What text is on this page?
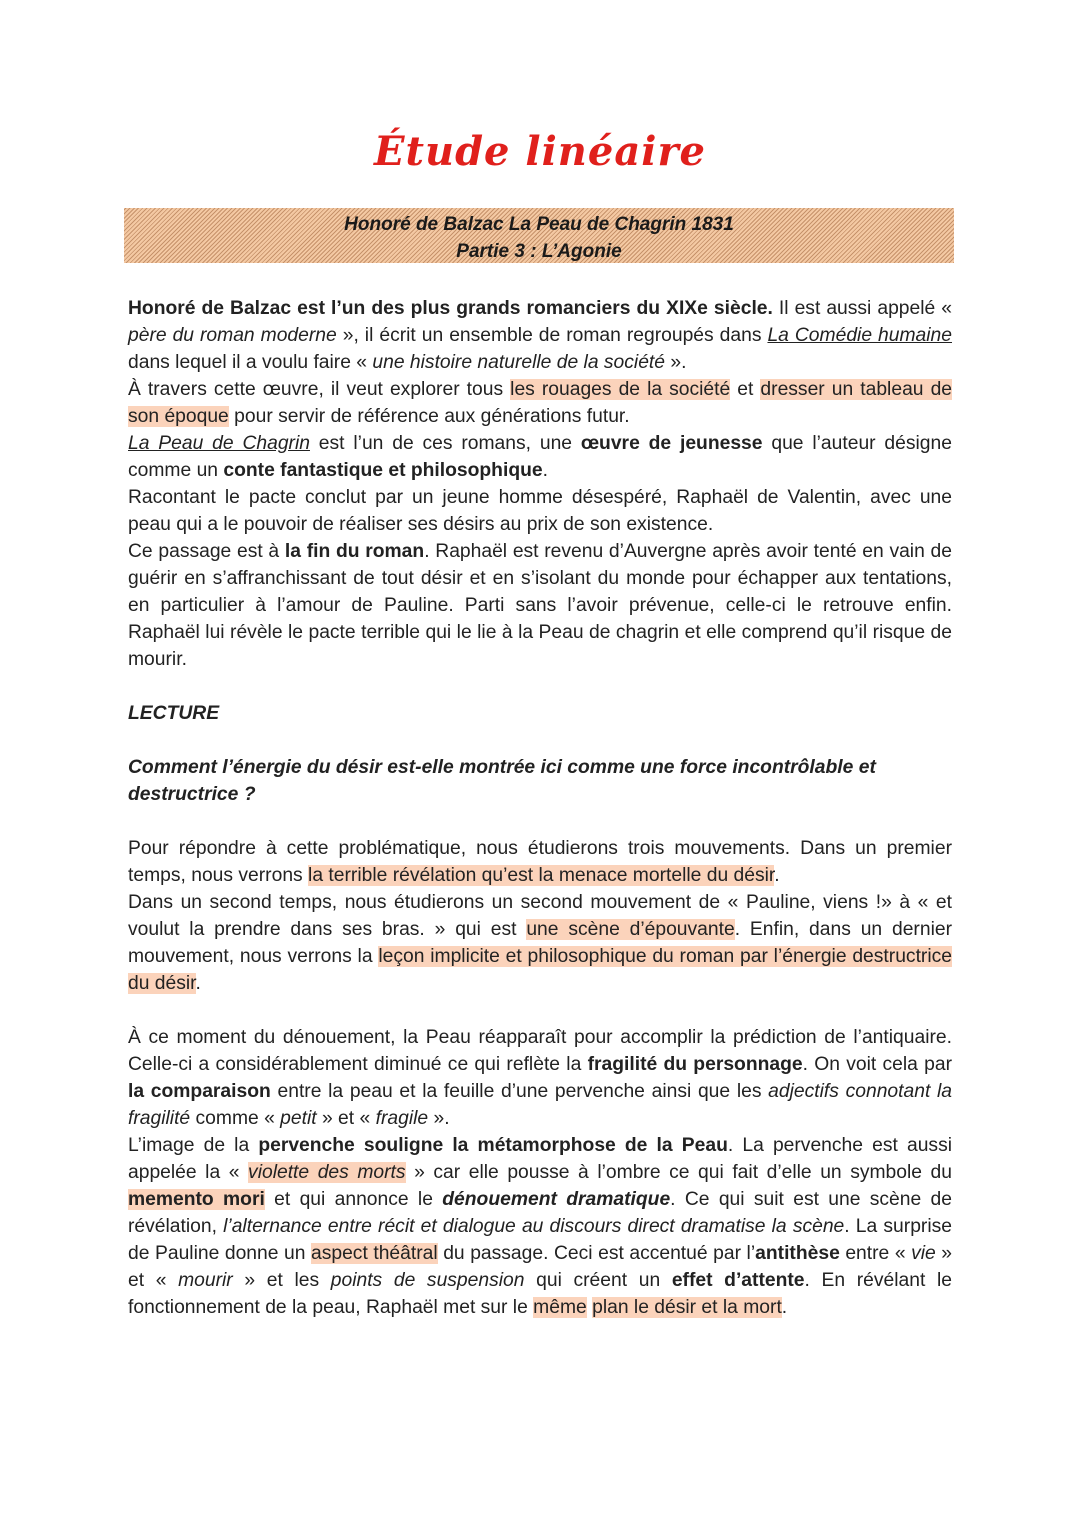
Étude linéaire
Honoré de Balzac La Peau de Chagrin 1831
Partie 3 : L’Agonie

Honoré de Balzac est l’un des plus grands romanciers du XIXe siècle. Il est aussi appelé « père du roman moderne », il écrit un ensemble de roman regroupés dans La Comédie humaine dans lequel il a voulu faire « une histoire naturelle de la société ».

À travers cette œuvre, il veut explorer tous les rouages de la société et dresser un tableau de son époque pour servir de référence aux générations futur.

La Peau de Chagrin est l’un de ces romans, une œuvre de jeunesse que l’auteur désigne comme un conte fantastique et philosophique.

Racontant le pacte conclut par un jeune homme désespéré, Raphaël de Valentin, avec une peau qui a le pouvoir de réaliser ses désirs au prix de son existence.

Ce passage est à la fin du roman. Raphaël est revenu d’Auvergne après avoir tenté en vain de guérir en s’affranchissant de tout désir et en s’isolant du monde pour échapper aux tentations, en particulier à l’amour de Pauline. Parti sans l’avoir prévenue, celle-ci le retrouve enfin. Raphaël lui révèle le pacte terrible qui le lie à la Peau de chagrin et elle comprend qu’il risque de mourir.

LECTURE

Comment l’énergie du désir est-elle montrée ici comme une force incontrôlable et destructrice ?

Pour répondre à cette problématique, nous étudierons trois mouvements. Dans un premier temps, nous verrons la terrible révélation qu’est la menace mortelle du désir.
Dans un second temps, nous étudierons un second mouvement de « Pauline, viens !» à « et voulut la prendre dans ses bras. » qui est une scène d’épouvante. Enfin, dans un dernier mouvement, nous verrons la leçon implicite et philosophique du roman par l’énergie destructrice du désir.

À ce moment du dénouement, la Peau réapparaît pour accomplir la prédiction de l’antiquaire. Celle-ci a considérablement diminué ce qui reflète la fragilité du personnage. On voit cela par la comparaison entre la peau et la feuille d’une pervenche ainsi que les adjectifs connotant la fragilité comme « petit » et « fragile ».

L’image de la pervenche souligne la métamorphose de la Peau. La pervenche est aussi appelée la « violette des morts » car elle pousse à l’ombre ce qui fait d’elle un symbole du memento mori et qui annonce le dénouement dramatique. Ce qui suit est une scène de révélation, l’alternance entre récit et dialogue au discours direct dramatise la scène. La surprise de Pauline donne un aspect théâtral du passage. Ceci est accentué par l’antithèse entre « vie » et « mourir » et les points de suspension qui créent un effet d’attente. En révélant le fonctionnement de la peau, Raphaël met sur le même plan le désir et la mort.
